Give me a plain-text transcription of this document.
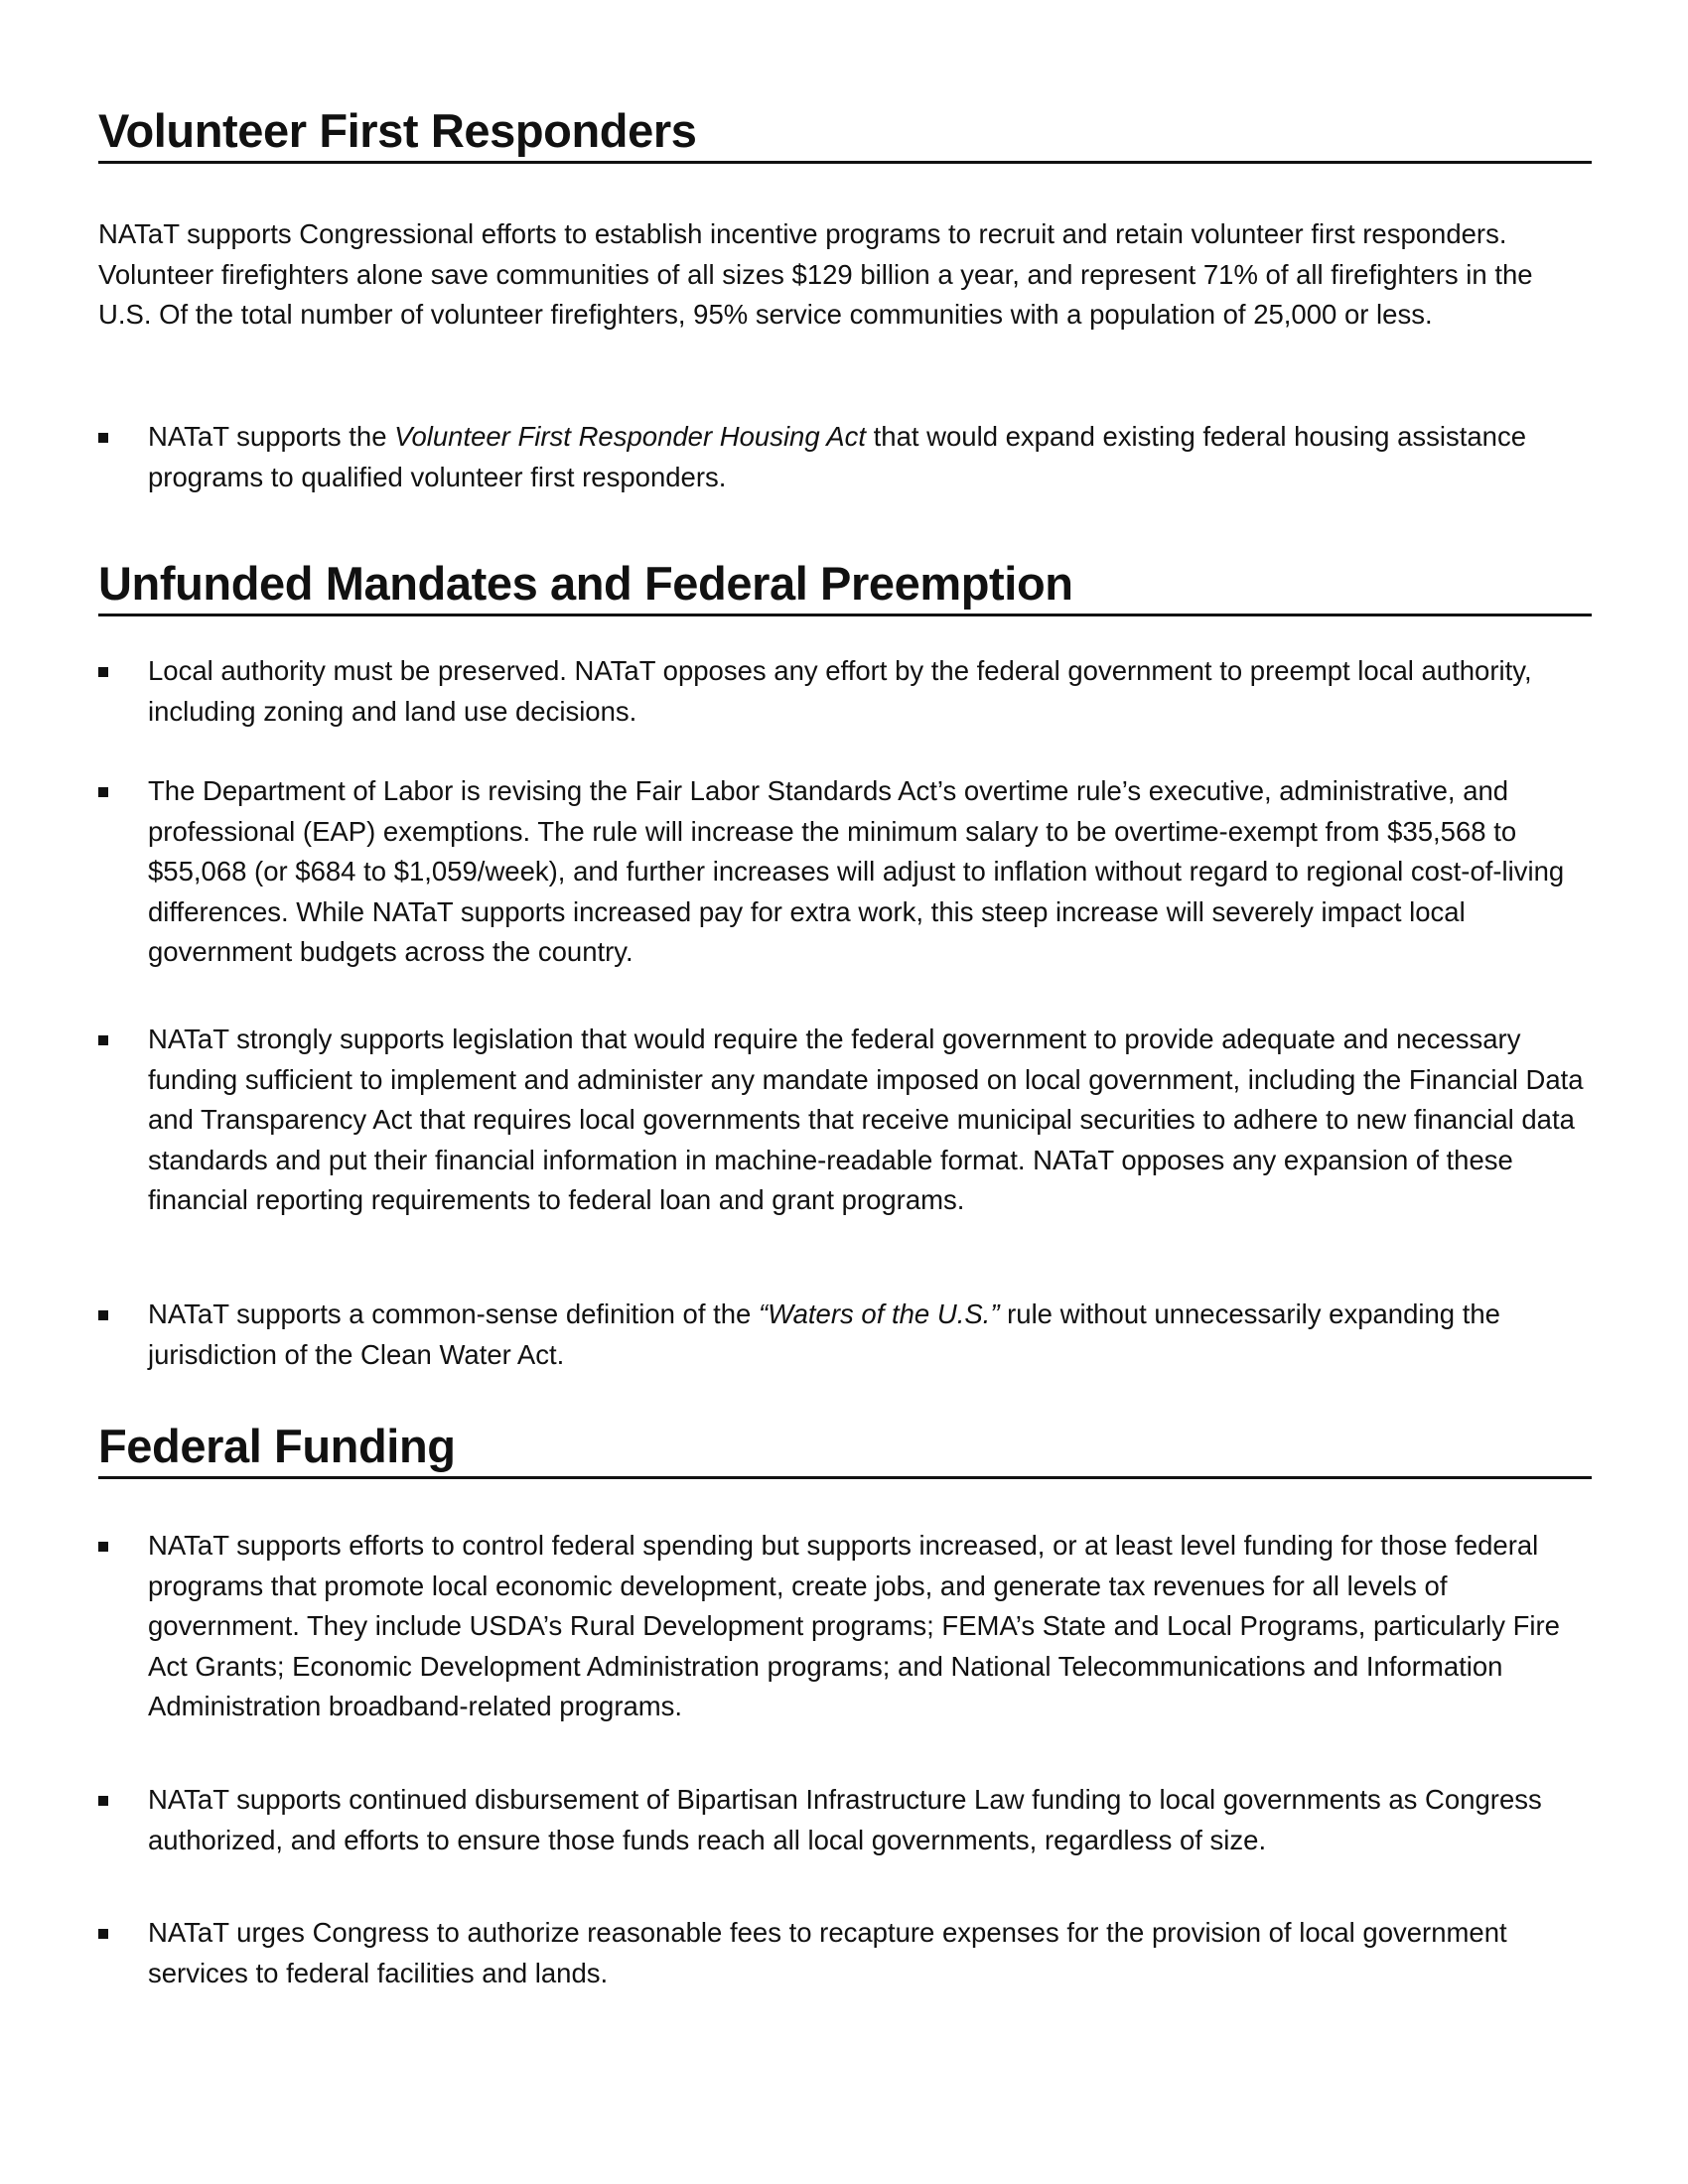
Volunteer First Responders

NATaT supports Congressional efforts to establish incentive programs to recruit and retain volunteer first responders. Volunteer firefighters alone save communities of all sizes $129 billion a year, and represent 71% of all firefighters in the U.S. Of the total number of volunteer firefighters, 95% service communities with a population of 25,000 or less.

NATaT supports the Volunteer First Responder Housing Act that would expand existing federal housing assistance programs to qualified volunteer first responders.
Unfunded Mandates and Federal Preemption
Local authority must be preserved. NATaT opposes any effort by the federal government to preempt local authority, including zoning and land use decisions.
The Department of Labor is revising the Fair Labor Standards Act’s overtime rule’s executive, administrative, and professional (EAP) exemptions. The rule will increase the minimum salary to be overtime-exempt from $35,568 to $55,068 (or $684 to $1,059/week), and further increases will adjust to inflation without regard to regional cost-of-living differences. While NATaT supports increased pay for extra work, this steep increase will severely impact local government budgets across the country.
NATaT strongly supports legislation that would require the federal government to provide adequate and necessary funding sufficient to implement and administer any mandate imposed on local government, including the Financial Data and Transparency Act that requires local governments that receive municipal securities to adhere to new financial data standards and put their financial information in machine-readable format. NATaT opposes any expansion of these financial reporting requirements to federal loan and grant programs.
NATaT supports a common-sense definition of the “Waters of the U.S.” rule without unnecessarily expanding the jurisdiction of the Clean Water Act.
Federal Funding
NATaT supports efforts to control federal spending but supports increased, or at least level funding for those federal programs that promote local economic development, create jobs, and generate tax revenues for all levels of government. They include USDA’s Rural Development programs; FEMA’s State and Local Programs, particularly Fire Act Grants; Economic Development Administration programs; and National Telecommunications and Information Administration broadband-related programs.
NATaT supports continued disbursement of Bipartisan Infrastructure Law funding to local governments as Congress authorized, and efforts to ensure those funds reach all local governments, regardless of size.
NATaT urges Congress to authorize reasonable fees to recapture expenses for the provision of local government services to federal facilities and lands.
